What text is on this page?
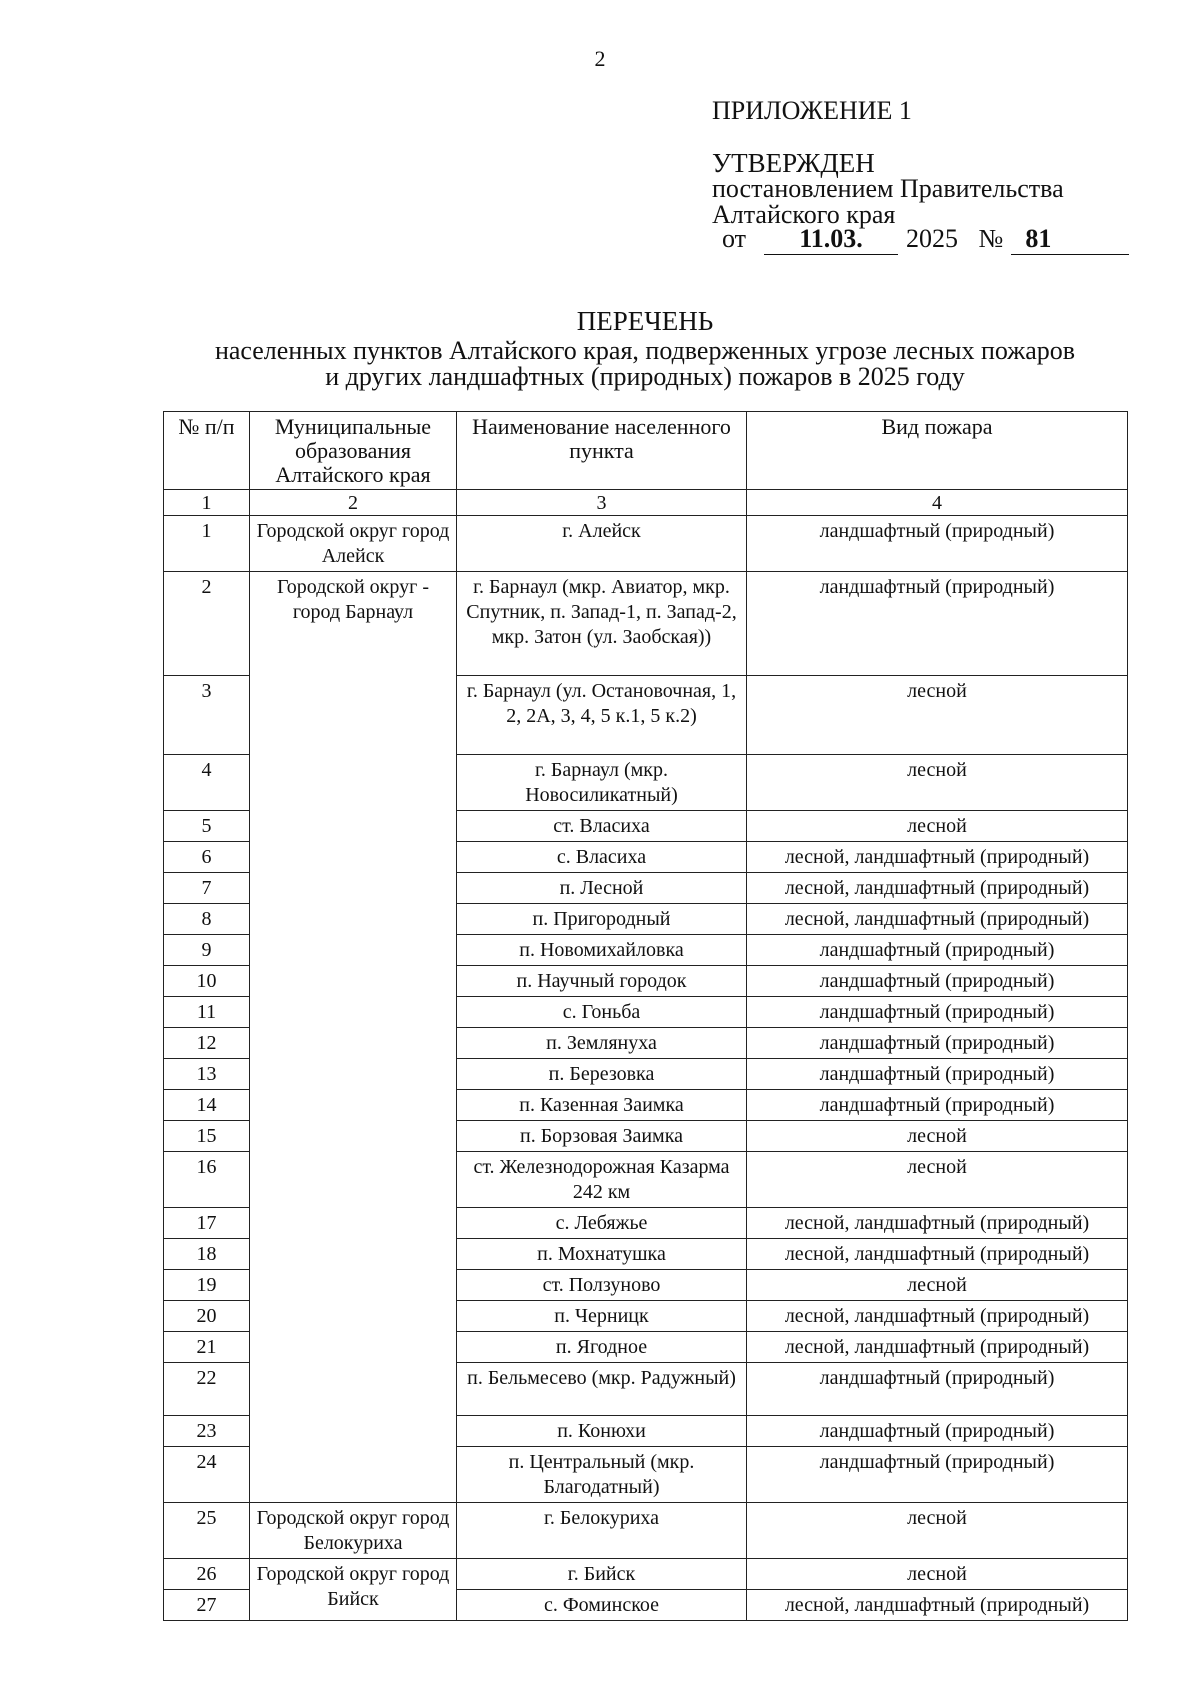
2
ПРИЛОЖЕНИЕ 1
УТВЕРЖДЕН
постановлением Правительства
Алтайского края
от 11.03. 2025 № 81
ПЕРЕЧЕНЬ
населенных пунктов Алтайского края, подверженных угрозе лесных пожаров
и других ландшафтных (природных) пожаров в 2025 году
№ п/п	Муниципальные образования Алтайского края	Наименование населенного пункта	Вид пожара
1	2	3	4
1	Городской округ город Алейск	г. Алейск	ландшафтный (природный)
2	Городской округ - город Барнаул	г. Барнаул (мкр. Авиатор, мкр. Спутник, п. Запад-1, п. Запад-2, мкр. Затон (ул. Заобская))	ландшафтный (природный)
3		г. Барнаул (ул. Остановочная, 1, 2, 2А, 3, 4, 5 к.1, 5 к.2)	лесной
4		г. Барнаул (мкр. Новосиликатный)	лесной
5		ст. Власиха	лесной
6		с. Власиха	лесной, ландшафтный (природный)
7		п. Лесной	лесной, ландшафтный (природный)
8		п. Пригородный	лесной, ландшафтный (природный)
9		п. Новомихайловка	ландшафтный (природный)
10		п. Научный городок	ландшафтный (природный)
11		с. Гоньба	ландшафтный (природный)
12		п. Землянуха	ландшафтный (природный)
13		п. Березовка	ландшафтный (природный)
14		п. Казенная Заимка	ландшафтный (природный)
15		п. Борзовая Заимка	лесной
16		ст. Железнодорожная Казарма 242 км	лесной
17		с. Лебяжье	лесной, ландшафтный (природный)
18		п. Мохнатушка	лесной, ландшафтный (природный)
19		ст. Ползуново	лесной
20		п. Черницк	лесной, ландшафтный (природный)
21		п. Ягодное	лесной, ландшафтный (природный)
22		п. Бельмесево (мкр. Радужный)	ландшафтный (природный)
23		п. Конюхи	ландшафтный (природный)
24		п. Центральный (мкр. Благодатный)	ландшафтный (природный)
25	Городской округ город Белокуриха	г. Белокуриха	лесной
26	Городской округ город Бийск	г. Бийск	лесной
27		с. Фоминское	лесной, ландшафтный (природный)
